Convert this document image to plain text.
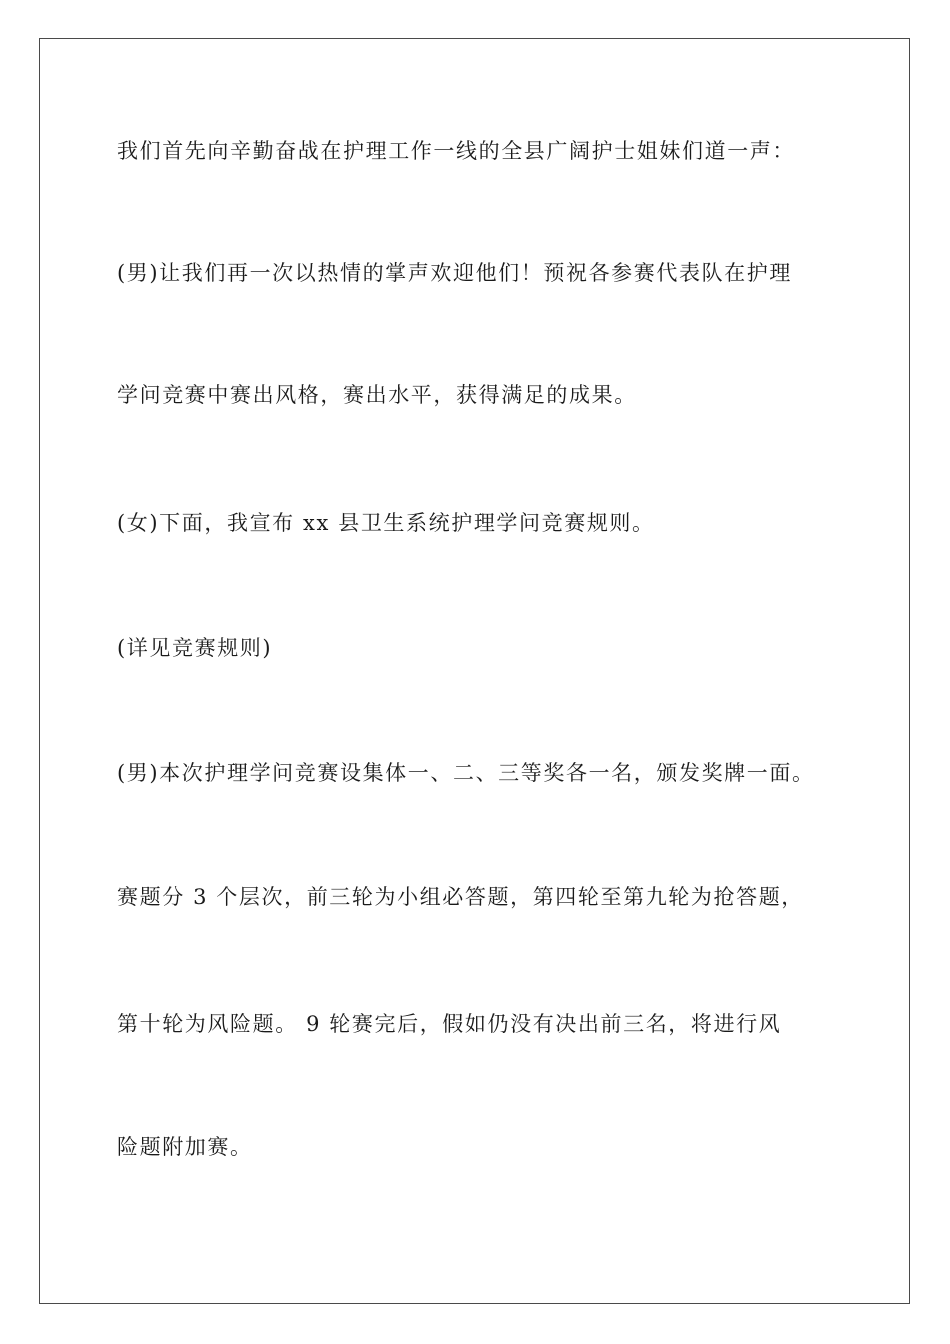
我们首先向辛勤奋战在护理工作一线的全县广阔护士姐妹们道一声：
(男)让我们再一次以热情的掌声欢迎他们！预祝各参赛代表队在护理
学问竞赛中赛出风格，赛出水平，获得满足的成果。
(女)下面，我宣布 xx 县卫生系统护理学问竞赛规则。
(详见竞赛规则)
(男)本次护理学问竞赛设集体一、二、三等奖各一名，颁发奖牌一面。
赛题分 3 个层次，前三轮为小组必答题，第四轮至第九轮为抢答题，
第十轮为风险题。 9 轮赛完后，假如仍没有决出前三名，将进行风
险题附加赛。
